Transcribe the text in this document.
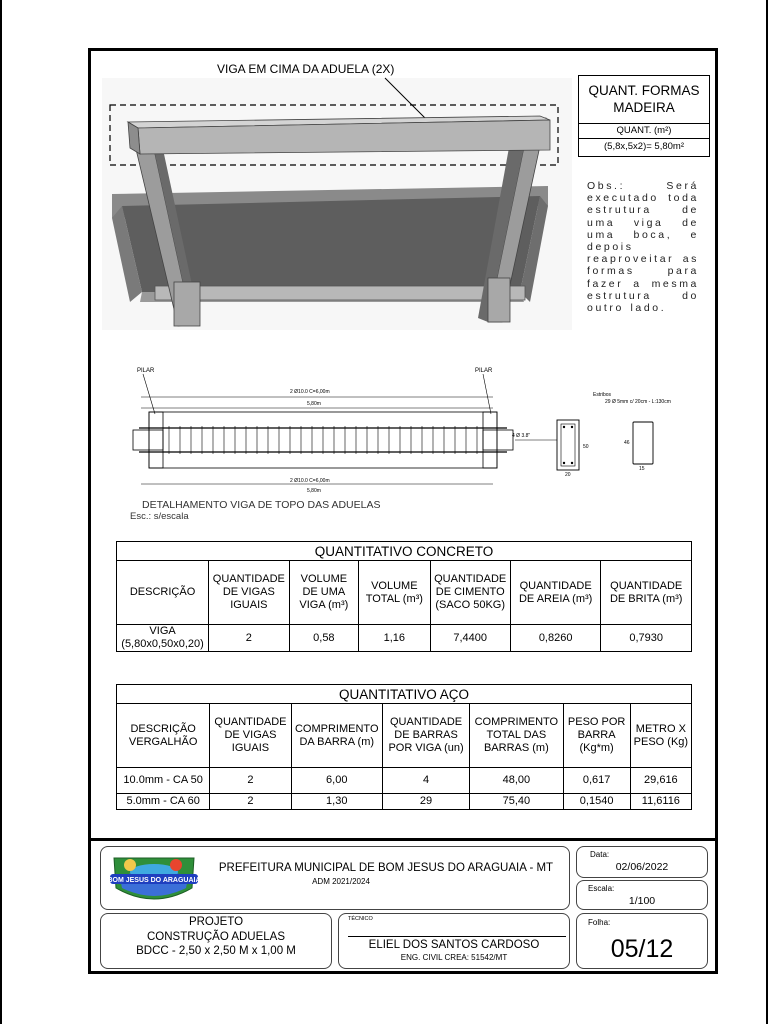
VIGA EM CIMA DA ADUELA (2X)
QUANT. FORMAS MADEIRA
QUANT. (m²)
(5,8x,5x2)= 5,80m²
Obs.: Será executado toda estrutura de uma viga de uma boca, e depois reaproveitar as formas para fazer a mesma estrutura do outro lado.
PILAR	PILAR
2 Ø10.0 C=6,00m
5,80m
2 Ø10.0 C=6,00m
5,80m
4 Ø 3.8"
50
20
Estribos
29 Ø 5mm c/ 20cm - L:130cm
46
15
DETALHAMENTO VIGA DE TOPO DAS ADUELAS
Esc.: s/escala
QUANTITATIVO CONCRETO						
DESCRIÇÃO	QUANTIDADE DE VIGAS IGUAIS	VOLUME DE UMA VIGA (m³)	VOLUME TOTAL (m³)	QUANTIDADE DE CIMENTO (SACO 50KG)	QUANTIDADE DE AREIA (m³)	QUANTIDADE DE BRITA (m³)
VIGA (5,80x0,50x0,20)	2	0,58	1,16	7,4400	0,8260	0,7930
QUANTITATIVO AÇO						
DESCRIÇÃO VERGALHÃO	QUANTIDADE DE VIGAS IGUAIS	COMPRIMENTO DA BARRA (m)	QUANTIDADE DE BARRAS POR VIGA (un)	COMPRIMENTO TOTAL DAS BARRAS (m)	PESO POR BARRA (Kg*m)	METRO X PESO (Kg)
10.0mm - CA 50	2	6,00	4	48,00	0,617	29,616
5.0mm - CA 60	2	1,30	29	75,40	0,1540	11,6116
BOM JESUS DO ARAGUAIA
PREFEITURA MUNICIPAL DE BOM JESUS DO ARAGUAIA - MT
ADM 2021/2024
Data:
02/06/2022
Escala:
1/100
PROJETO
CONSTRUÇÃO ADUELAS
BDCC - 2,50 x 2,50 M x 1,00 M
TÉCNICO
ELIEL DOS SANTOS CARDOSO
ENG. CIVIL CREA: 51542/MT
Folha:
05/12
